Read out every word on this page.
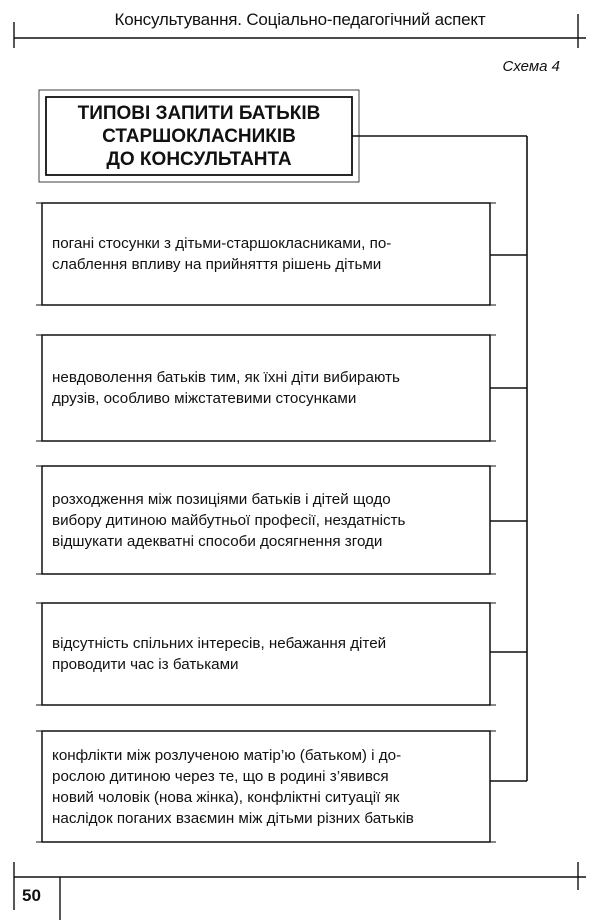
Консультування. Соціально-педагогічний аспект
Схема 4
ТИПОВІ ЗАПИТИ БАТЬКІВ
СТАРШОКЛАСНИКІВ
ДО КОНСУЛЬТАНТА
погані стосунки з дітьми-старшокласниками, по-
слаблення впливу на прийняття рішень дітьми
невдоволення батьків тим, як їхні діти вибирають
друзів, особливо міжстатевими стосунками
розходження між позиціями батьків і дітей щодо
вибору дитиною майбутньої професії, нездатність
відшукати адекватні способи досягнення згоди
відсутність спільних інтересів, небажання дітей
проводити час із батьками
конфлікти між розлученою матір’ю (батьком) і до-
рослою дитиною через те, що в родині з’явився
новий чоловік (нова жінка), конфліктні ситуації як
наслідок поганих взаємин між дітьми різних батьків
50
